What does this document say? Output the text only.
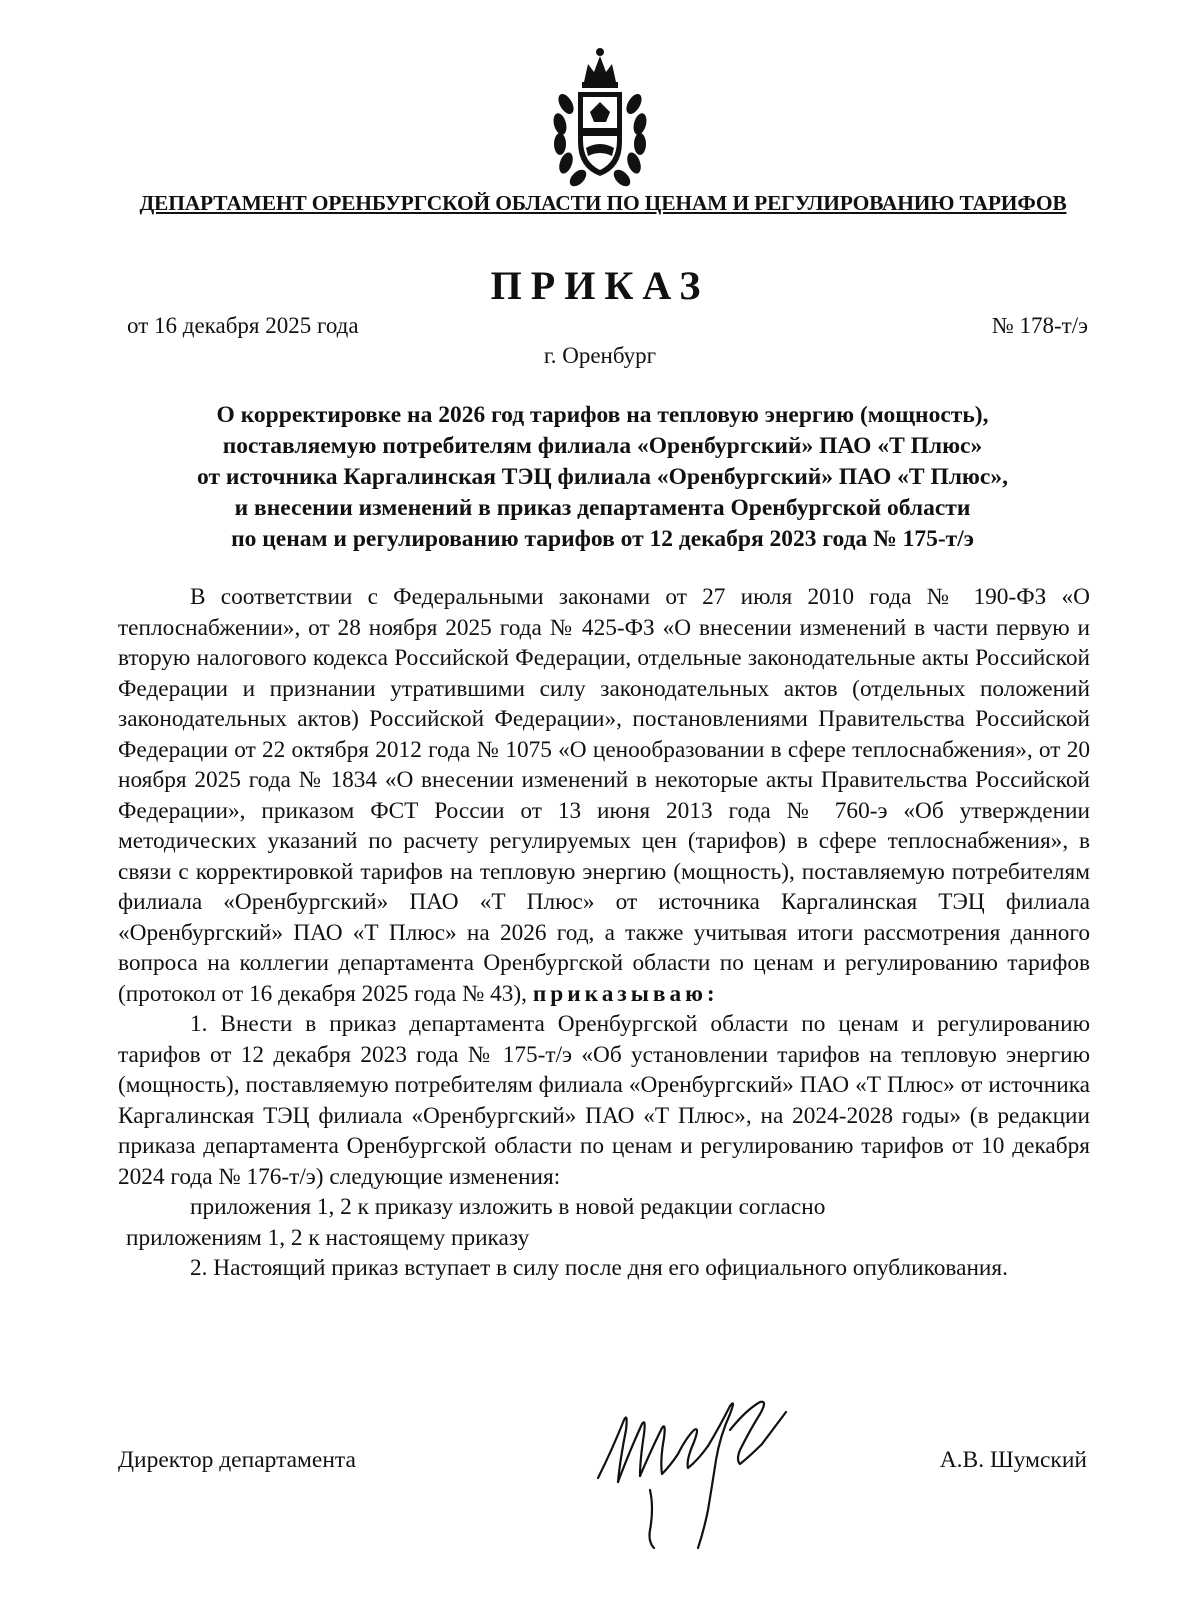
ДЕПАРТАМЕНТ ОРЕНБУРГСКОЙ ОБЛАСТИ ПО ЦЕНАМ И РЕГУЛИРОВАНИЮ ТАРИФОВ
ПРИКАЗ
от 16 декабря 2025 года	№ 178-т/э
г. Оренбург
О корректировке на 2026 год тарифов на тепловую энергию (мощность),
поставляемую потребителям филиала «Оренбургский» ПАО «Т Плюс»
от источника Каргалинская ТЭЦ филиала «Оренбургский» ПАО «Т Плюс»,
и внесении изменений в приказ департамента Оренбургской области
по ценам и регулированию тарифов от 12 декабря 2023 года № 175-т/э

В соответствии с Федеральными законами от 27 июля 2010 года № 190-ФЗ «О теплоснабжении», от 28 ноября 2025 года № 425-ФЗ «О внесении изменений в части первую и вторую налогового кодекса Российской Федерации, отдельные законодательные акты Российской Федерации и признании утратившими силу законодательных актов (отдельных положений законодательных актов) Российской Федерации», постановлениями Правительства Российской Федерации от 22 октября 2012 года № 1075 «О ценообразовании в сфере теплоснабжения», от 20 ноября 2025 года № 1834 «О внесении изменений в некоторые акты Правительства Российской Федерации», приказом ФСТ России от 13 июня 2013 года № 760-э «Об утверждении методических указаний по расчету регулируемых цен (тарифов) в сфере теплоснабжения», в связи с корректировкой тарифов на тепловую энергию (мощность), поставляемую потребителям филиала «Оренбургский» ПАО «Т Плюс» от источника Каргалинская ТЭЦ филиала «Оренбургский» ПАО «Т Плюс» на 2026 год, а также учитывая итоги рассмотрения данного вопроса на коллегии департамента Оренбургской области по ценам и регулированию тарифов (протокол от 16 декабря 2025 года № 43), приказываю:

1. Внести в приказ департамента Оренбургской области по ценам и регулированию тарифов от 12 декабря 2023 года № 175-т/э «Об установлении тарифов на тепловую энергию (мощность), поставляемую потребителям филиала «Оренбургский» ПАО «Т Плюс» от источника Каргалинская ТЭЦ филиала «Оренбургский» ПАО «Т Плюс», на 2024-2028 годы» (в редакции приказа департамента Оренбургской области по ценам и регулированию тарифов от 10 декабря 2024 года № 176-т/э) следующие изменения:

приложения 1, 2 к приказу изложить в новой редакции согласно

приложениям 1, 2 к настоящему приказу

2. Настоящий приказ вступает в силу после дня его официального опубликования.

Директор департамента	А.В. Шумский
